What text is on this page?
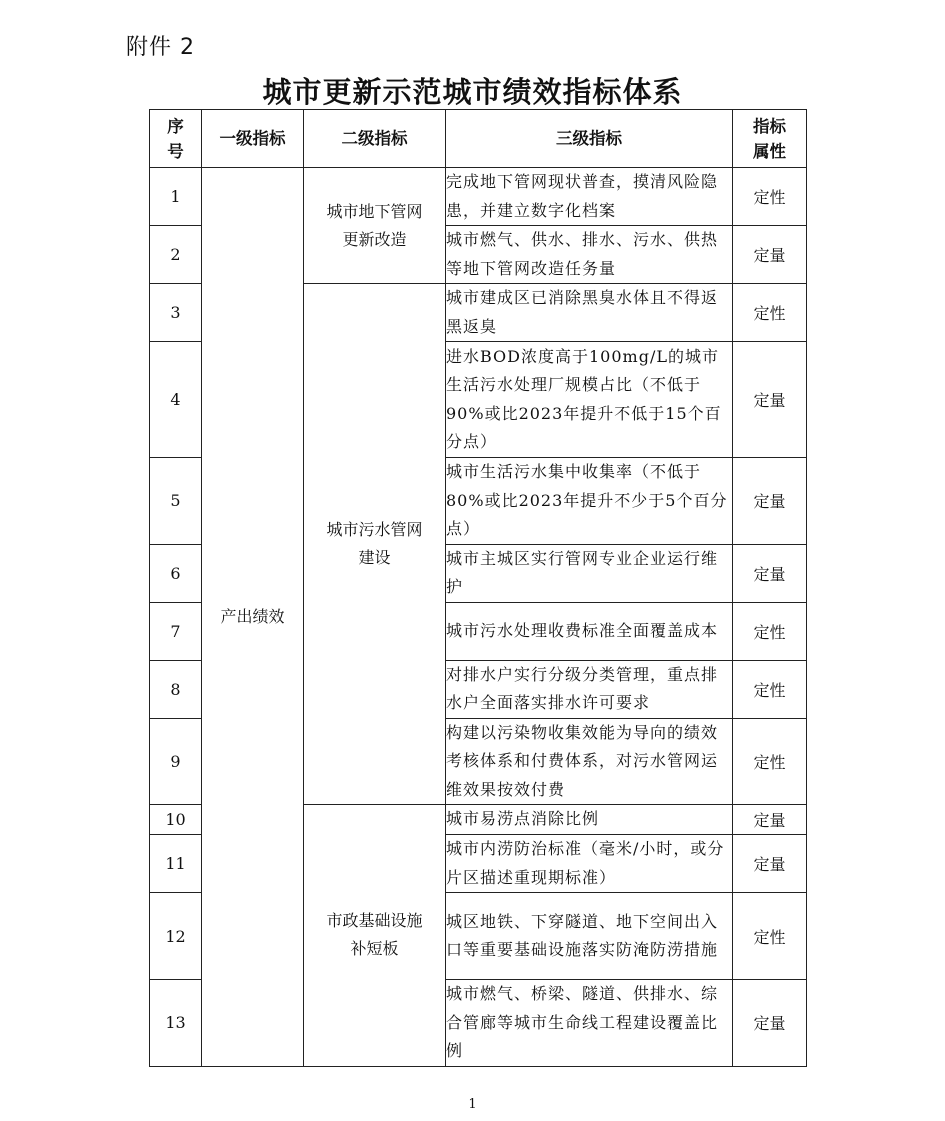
附件 2
城市更新示范城市绩效指标体系
序号	一级指标	二级指标	三级指标	指标属性

1	产出绩效	城市地下管网更新改造	完成地下管网现状普查，摸清风险隐患，并建立数字化档案	定性
2			城市燃气、供水、排水、污水、供热等地下管网改造任务量	定量
3		城市污水管网建设	城市建成区已消除黑臭水体且不得返黑返臭	定性
4			进水BOD浓度高于100mg/L的城市生活污水处理厂规模占比（不低于90%或比2023年提升不低于15个百分点）	定量
5			城市生活污水集中收集率（不低于80%或比2023年提升不少于5个百分点）	定量
6			城市主城区实行管网专业企业运行维护	定量
7			城市污水处理收费标准全面覆盖成本	定性
8			对排水户实行分级分类管理，重点排水户全面落实排水许可要求	定性
9			构建以污染物收集效能为导向的绩效考核体系和付费体系，对污水管网运维效果按效付费	定性
10		市政基础设施补短板	城市易涝点消除比例	定量
11			城市内涝防治标准（毫米/小时，或分片区描述重现期标准）	定量
12			城区地铁、下穿隧道、地下空间出入口等重要基础设施落实防淹防涝措施	定性
13			城市燃气、桥梁、隧道、供排水、综合管廊等城市生命线工程建设覆盖比例	定量
1
